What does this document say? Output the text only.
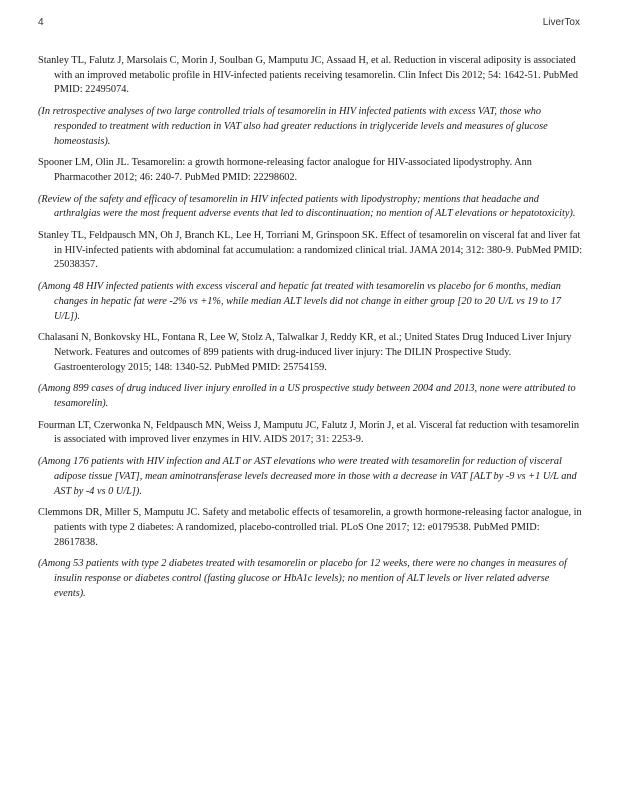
4	LiverTox
Stanley TL, Falutz J, Marsolais C, Morin J, Soulban G, Mamputu JC, Assaad H, et al. Reduction in visceral adiposity is associated with an improved metabolic profile in HIV-infected patients receiving tesamorelin. Clin Infect Dis 2012; 54: 1642-51. PubMed PMID: 22495074.
(In retrospective analyses of two large controlled trials of tesamorelin in HIV infected patients with excess VAT, those who responded to treatment with reduction in VAT also had greater reductions in triglyceride levels and measures of glucose homeostasis).
Spooner LM, Olin JL. Tesamorelin: a growth hormone-releasing factor analogue for HIV-associated lipodystrophy. Ann Pharmacother 2012; 46: 240-7. PubMed PMID: 22298602.
(Review of the safety and efficacy of tesamorelin in HIV infected patients with lipodystrophy; mentions that headache and arthralgias were the most frequent adverse events that led to discontinuation; no mention of ALT elevations or hepatotoxicity).
Stanley TL, Feldpausch MN, Oh J, Branch KL, Lee H, Torriani M, Grinspoon SK. Effect of tesamorelin on visceral fat and liver fat in HIV-infected patients with abdominal fat accumulation: a randomized clinical trial. JAMA 2014; 312: 380-9. PubMed PMID: 25038357.
(Among 48 HIV infected patients with excess visceral and hepatic fat treated with tesamorelin vs placebo for 6 months, median changes in hepatic fat were -2% vs +1%, while median ALT levels did not change in either group [20 to 20 U/L vs 19 to 17 U/L]).
Chalasani N, Bonkovsky HL, Fontana R, Lee W, Stolz A, Talwalkar J, Reddy KR, et al.; United States Drug Induced Liver Injury Network. Features and outcomes of 899 patients with drug-induced liver injury: The DILIN Prospective Study. Gastroenterology 2015; 148: 1340-52. PubMed PMID: 25754159.
(Among 899 cases of drug induced liver injury enrolled in a US prospective study between 2004 and 2013, none were attributed to tesamorelin).
Fourman LT, Czerwonka N, Feldpausch MN, Weiss J, Mamputu JC, Falutz J, Morin J, et al. Visceral fat reduction with tesamorelin is associated with improved liver enzymes in HIV. AIDS 2017; 31: 2253-9.
(Among 176 patients with HIV infection and ALT or AST elevations who were treated with tesamorelin for reduction of visceral adipose tissue [VAT], mean aminotransferase levels decreased more in those with a decrease in VAT [ALT by -9 vs +1 U/L and AST by -4 vs 0 U/L]).
Clemmons DR, Miller S, Mamputu JC. Safety and metabolic effects of tesamorelin, a growth hormone-releasing factor analogue, in patients with type 2 diabetes: A randomized, placebo-controlled trial. PLoS One 2017; 12: e0179538. PubMed PMID: 28617838.
(Among 53 patients with type 2 diabetes treated with tesamorelin or placebo for 12 weeks, there were no changes in measures of insulin response or diabetes control (fasting glucose or HbA1c levels); no mention of ALT levels or liver related adverse events).
